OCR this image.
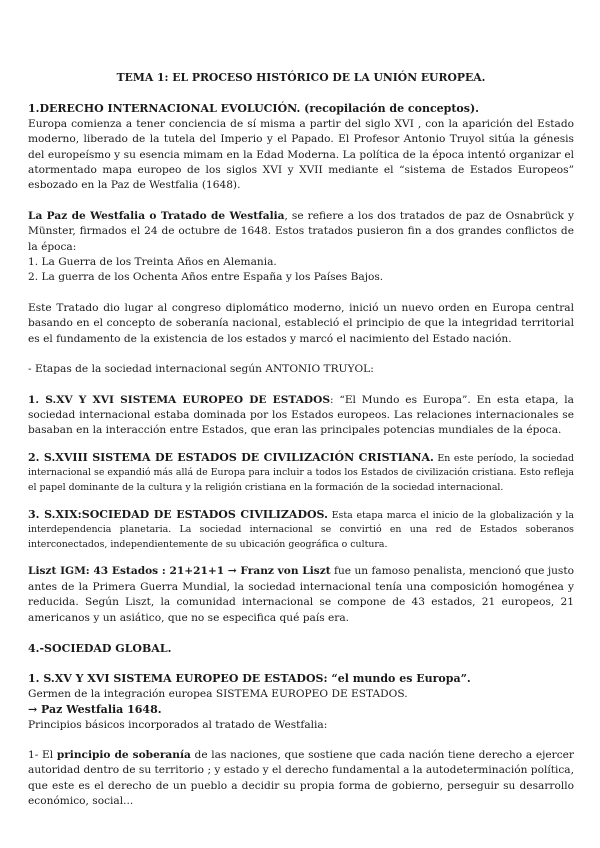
TEMA 1: EL PROCESO HISTÓRICO DE LA UNIÓN EUROPEA.

1.DERECHO INTERNACIONAL EVOLUCIÓN. (recopilación de conceptos).

Europa comienza a tener conciencia de sí misma a partir del siglo XVI , con la aparición del Estado moderno, liberado de la tutela del Imperio y el Papado. El Profesor Antonio Truyol sitúa la génesis del europeísmo y su esencia mimam en la Edad Moderna. La política de la época intentó organizar el atormentado mapa europeo de los siglos XVI y XVII mediante el “sistema de Estados Europeos” esbozado en la Paz de Westfalia (1648).

La Paz de Westfalia o Tratado de Westfalia, se refiere a los dos tratados de paz de Osnabrück y Münster, firmados el 24 de octubre de 1648. Estos tratados pusieron fin a dos grandes conflictos de la época:

1. La Guerra de los Treinta Años en Alemania.

2. La guerra de los Ochenta Años entre España y los Países Bajos.

Este Tratado dio lugar al congreso diplomático moderno, inició un nuevo orden en Europa central basando en el concepto de soberanía nacional, estableció el principio de que la integridad territorial es el fundamento de la existencia de los estados y marcó el nacimiento del Estado nación.

- Etapas de la sociedad internacional según ANTONIO TRUYOL:

1. S.XV Y XVI SISTEMA EUROPEO DE ESTADOS: “El Mundo es Europa”. En esta etapa, la sociedad internacional estaba dominada por los Estados europeos. Las relaciones internacionales se basaban en la interacción entre Estados, que eran las principales potencias mundiales de la época.

2. S.XVIII SISTEMA DE ESTADOS DE CIVILIZACIÓN CRISTIANA. En este período, la sociedad internacional se expandió más allá de Europa para incluir a todos los Estados de civilización cristiana. Esto refleja el papel dominante de la cultura y la religión cristiana en la formación de la sociedad internacional.

3. S.XIX:SOCIEDAD DE ESTADOS CIVILIZADOS. Esta etapa marca el inicio de la globalización y la interdependencia planetaria. La sociedad internacional se convirtió en una red de Estados soberanos interconectados, independientemente de su ubicación geográfica o cultura.

Liszt IGM: 43 Estados : 21+21+1 → Franz von Liszt fue un famoso penalista, mencionó que justo antes de la Primera Guerra Mundial, la sociedad internacional tenía una composición homogénea y reducida. Según Liszt, la comunidad internacional se compone de 43 estados, 21 europeos, 21 americanos y un asiático, que no se especifica qué país era.

4.-SOCIEDAD GLOBAL.

1. S.XV Y XVI SISTEMA EUROPEO DE ESTADOS: “el mundo es Europa”.

Germen de la integración europea SISTEMA EUROPEO DE ESTADOS.

→ Paz Westfalia 1648.

Principios básicos incorporados al tratado de Westfalia:

1- El principio de soberanía de las naciones, que sostiene que cada nación tiene derecho a ejercer autoridad dentro de su territorio ; y estado y el derecho fundamental a la autodeterminación política, que este es el derecho de un pueblo a decidir su propia forma de gobierno, perseguir su desarrollo económico, social...
